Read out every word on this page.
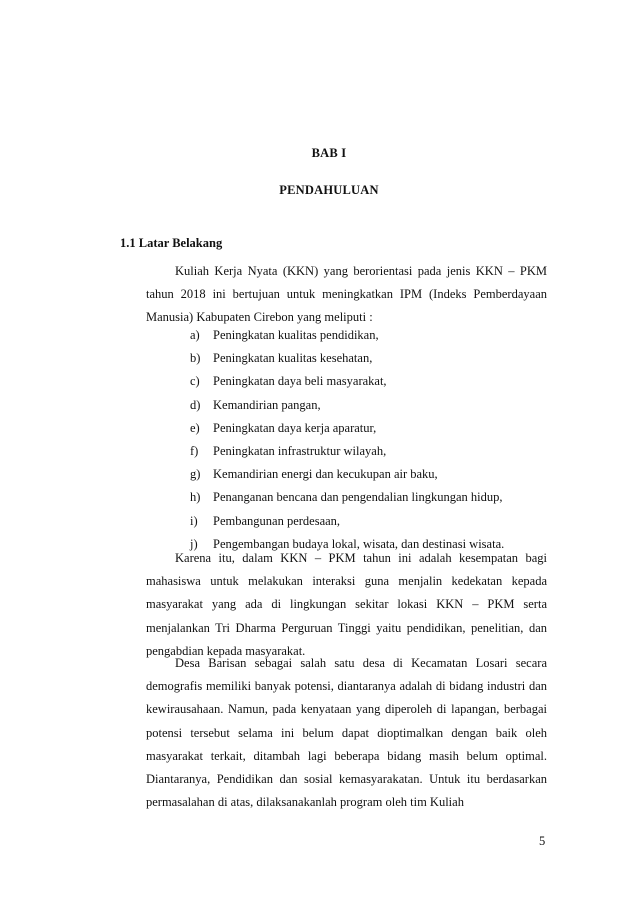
BAB I
PENDAHULUAN
1.1 Latar Belakang

Kuliah Kerja Nyata (KKN) yang berorientasi pada jenis KKN – PKM tahun 2018 ini bertujuan untuk meningkatkan IPM (Indeks Pemberdayaan Manusia) Kabupaten Cirebon yang meliputi :

a) Peningkatan kualitas pendidikan,
b) Peningkatan kualitas kesehatan,
c) Peningkatan daya beli masyarakat,
d) Kemandirian pangan,
e) Peningkatan daya kerja aparatur,
f) Peningkatan infrastruktur wilayah,
g) Kemandirian energi dan kecukupan air baku,
h) Penanganan bencana dan pengendalian lingkungan hidup,
i) Pembangunan perdesaan,
j) Pengembangan budaya lokal, wisata, dan destinasi wisata.

Karena itu, dalam KKN – PKM tahun ini adalah kesempatan bagi mahasiswa untuk melakukan interaksi guna menjalin kedekatan kepada masyarakat yang ada di lingkungan sekitar lokasi KKN – PKM serta menjalankan Tri Dharma Perguruan Tinggi yaitu pendidikan, penelitian, dan pengabdian kepada masyarakat.

Desa Barisan sebagai salah satu desa di Kecamatan Losari secara demografis memiliki banyak potensi, diantaranya adalah di bidang industri dan kewirausahaan. Namun, pada kenyataan yang diperoleh di lapangan, berbagai potensi tersebut selama ini belum dapat dioptimalkan dengan baik oleh masyarakat terkait, ditambah lagi beberapa bidang masih belum optimal. Diantaranya, Pendidikan dan sosial kemasyarakatan. Untuk itu berdasarkan permasalahan di atas, dilaksanakanlah program oleh tim Kuliah

5
